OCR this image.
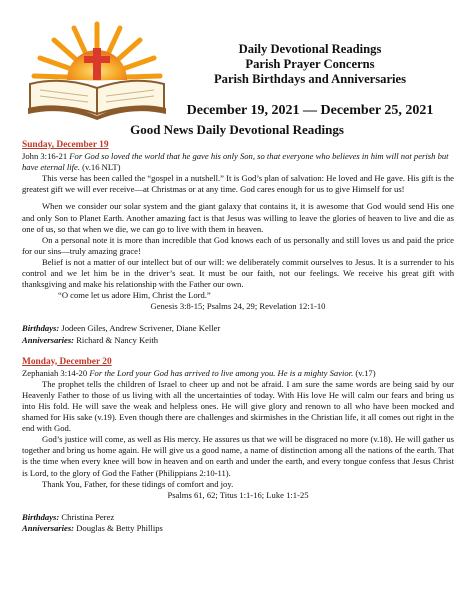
Daily Devotional Readings
Parish Prayer Concerns
Parish Birthdays and Anniversaries
December 19, 2021 — December 25, 2021
Good News Daily Devotional Readings
Sunday, December 19

John 3:16-21 For God so loved the world that he gave his only Son, so that everyone who believes in him will not perish but have eternal life. (v.16 NLT)

This verse has been called the “gospel in a nutshell.” It is God’s plan of salvation: He loved and He gave. His gift is the greatest gift we will ever receive—at Christmas or at any time. God cares enough for us to give Himself for us!

When we consider our solar system and the giant galaxy that contains it, it is awesome that God would send His one and only Son to Planet Earth. Another amazing fact is that Jesus was willing to leave the glories of heaven to live and die as one of us, so that when we die, we can go to live with them in heaven.

On a personal note it is more than incredible that God knows each of us personally and still loves us and paid the price for our sins—truly amazing grace!

Belief is not a matter of our intellect but of our will: we deliberately commit ourselves to Jesus. It is a surrender to his control and we let him be in the driver’s seat. It must be our faith, not our feelings. We receive his great gift with thanksgiving and make his relationship with the Father our own.

“O come let us adore Him, Christ the Lord.”

Genesis 3:8-15; Psalms 24, 29; Revelation 12:1-10

Birthdays: Jodeen Giles, Andrew Scrivener, Diane Keller

Anniversaries: Richard & Nancy Keith

Monday, December 20

Zephaniah 3:14-20 For the Lord your God has arrived to live among you. He is a mighty Savior. (v.17)

The prophet tells the children of Israel to cheer up and not be afraid. I am sure the same words are being said by our Heavenly Father to those of us living with all the uncertainties of today. With His love He will calm our fears and bring us into His fold. He will save the weak and helpless ones. He will give glory and renown to all who have been mocked and shamed for His sake (v.19). Even though there are challenges and skirmishes in the Christian life, it all comes out right in the end with God.

God’s justice will come, as well as His mercy. He assures us that we will be disgraced no more (v.18). He will gather us together and bring us home again. He will give us a good name, a name of distinction among all the nations of the earth. That is the time when every knee will bow in heaven and on earth and under the earth, and every tongue confess that Jesus Christ is Lord, to the glory of God the Father (Philippians 2:10-11).

Thank You, Father, for these tidings of comfort and joy.

Psalms 61, 62; Titus 1:1-16; Luke 1:1-25

Birthdays: Christina Perez

Anniversaries: Douglas & Betty Phillips
